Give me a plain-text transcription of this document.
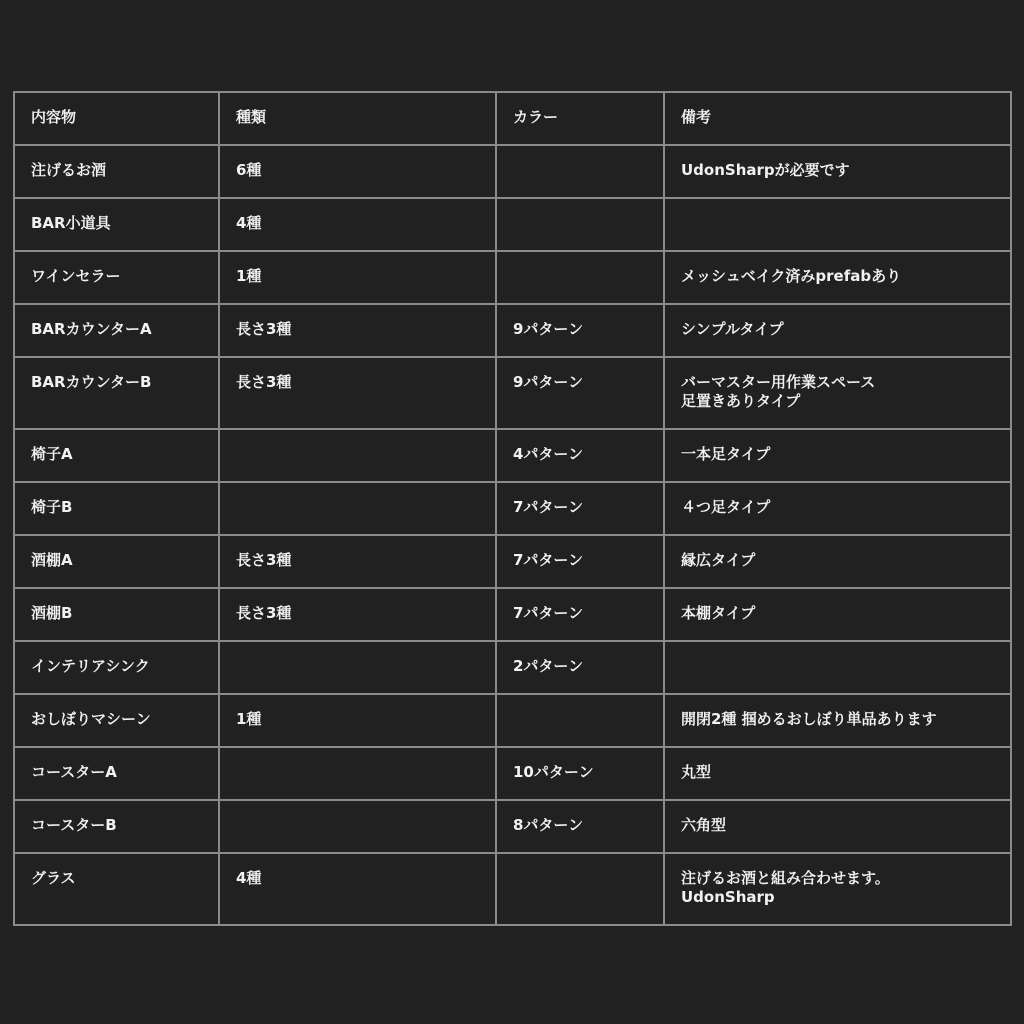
内容物	種類	カラー	備考
注げるお酒	6種		UdonSharpが必要です
BAR小道具	4種		
ワインセラー	1種		メッシュベイク済みprefabあり
BARカウンターA	長さ3種	9パターン	シンプルタイプ
BARカウンターB	長さ3種	9パターン	バーマスター用作業スペース
足置きありタイプ
椅子A		4パターン	一本足タイプ
椅子B		7パターン	４つ足タイプ
酒棚A	長さ3種	7パターン	縁広タイプ
酒棚B	長さ3種	7パターン	本棚タイプ
インテリアシンク		2パターン	
おしぼりマシーン	1種		開閉2種 掴めるおしぼり単品あります
コースターA		10パターン	丸型
コースターB		8パターン	六角型
グラス	4種		注げるお酒と組み合わせます。
UdonSharp
